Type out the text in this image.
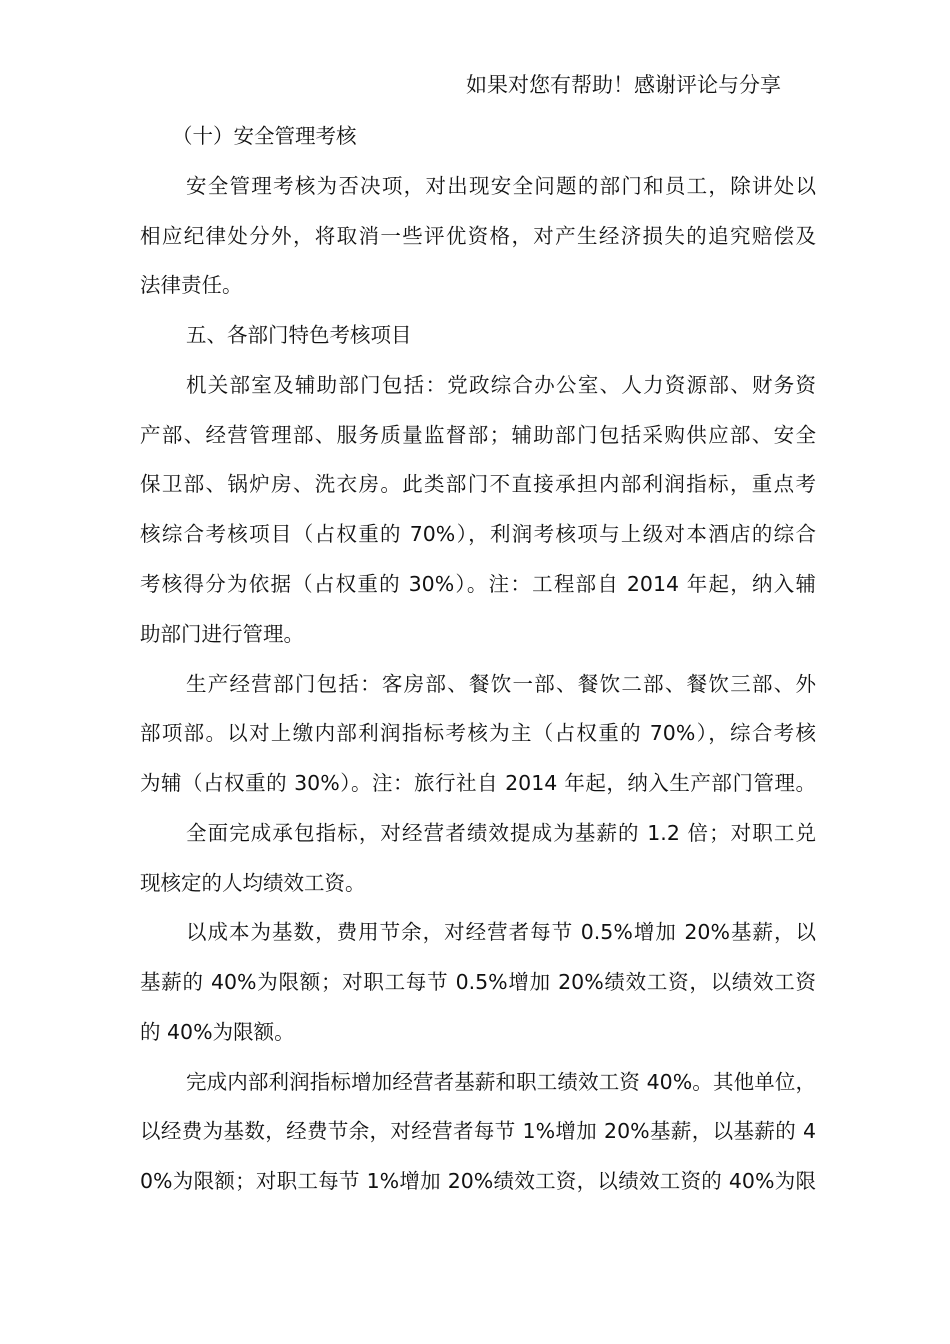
如果对您有帮助！感谢评论与分享
（十）安全管理考核
安全管理考核为否决项，对出现安全问题的部门和员工，除讲处以
相应纪律处分外，将取消一些评优资格，对产生经济损失的追究赔偿及
法律责任。
五、各部门特色考核项目
机关部室及辅助部门包括：党政综合办公室、人力资源部、财务资
产部、经营管理部、服务质量监督部；辅助部门包括采购供应部、安全
保卫部、锅炉房、洗衣房。此类部门不直接承担内部利润指标，重点考
核综合考核项目（占权重的 70%），利润考核项与上级对本酒店的综合
考核得分为依据（占权重的 30%）。注：工程部自 2014 年起，纳入辅
助部门进行管理。
生产经营部门包括：客房部、餐饮一部、餐饮二部、餐饮三部、外
部项部。以对上缴内部利润指标考核为主（占权重的 70%），综合考核
为辅（占权重的 30%）。注：旅行社自 2014 年起，纳入生产部门管理。
全面完成承包指标，对经营者绩效提成为基薪的 1.2 倍；对职工兑
现核定的人均绩效工资。
以成本为基数，费用节余，对经营者每节 0.5%增加 20%基薪，以
基薪的 40%为限额；对职工每节 0.5%增加 20%绩效工资，以绩效工资
的 40%为限额。
完成内部利润指标增加经营者基薪和职工绩效工资 40%。其他单位，
以经费为基数，经费节余，对经营者每节 1%增加 20%基薪，以基薪的 4
0%为限额；对职工每节 1%增加 20%绩效工资，以绩效工资的 40%为限
